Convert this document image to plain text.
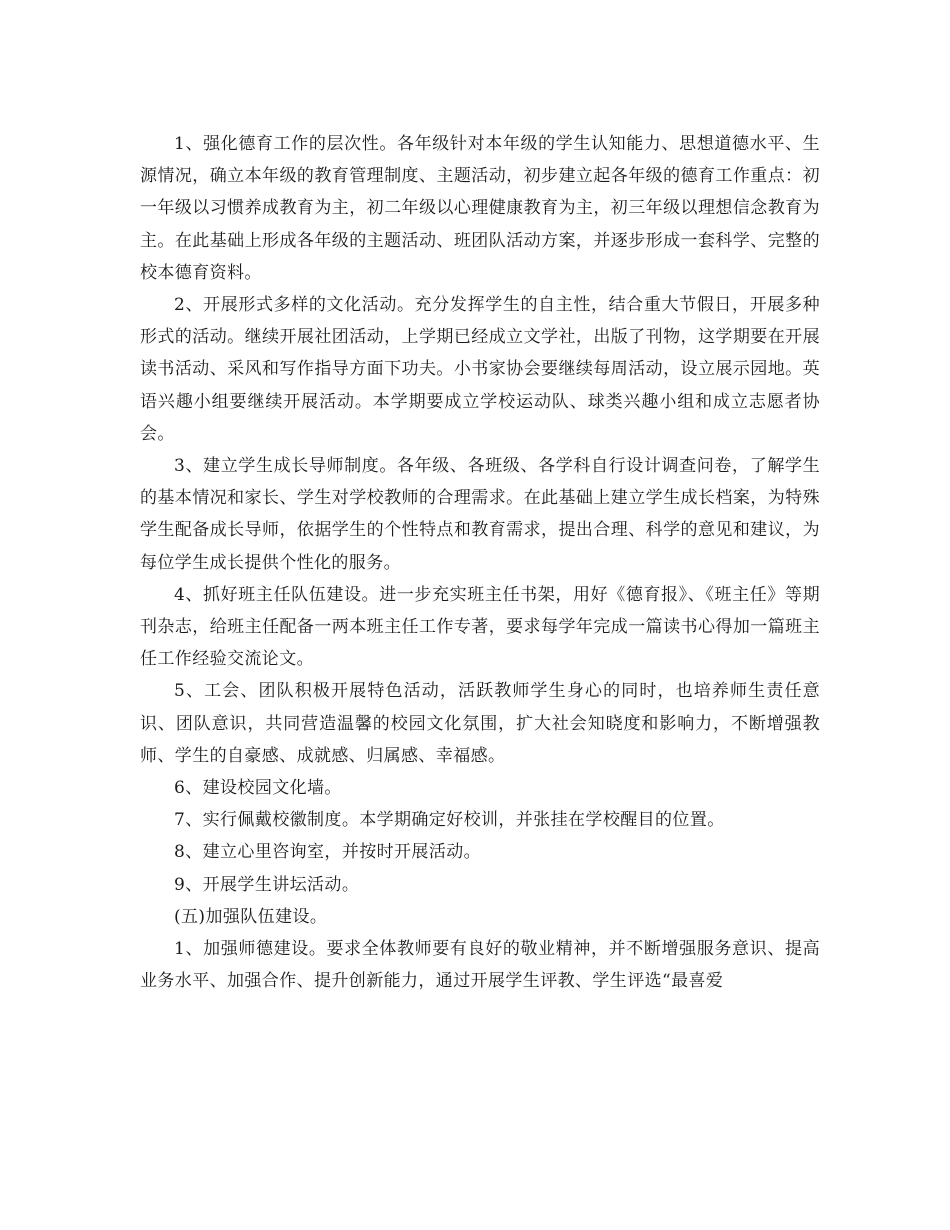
1、强化德育工作的层次性。各年级针对本年级的学生认知能力、思想道德水平、生源情况，确立本年级的教育管理制度、主题活动，初步建立起各年级的德育工作重点：初一年级以习惯养成教育为主，初二年级以心理健康教育为主，初三年级以理想信念教育为主。在此基础上形成各年级的主题活动、班团队活动方案，并逐步形成一套科学、完整的校本德育资料。

2、开展形式多样的文化活动。充分发挥学生的自主性，结合重大节假日，开展多种形式的活动。继续开展社团活动，上学期已经成立文学社，出版了刊物，这学期要在开展读书活动、采风和写作指导方面下功夫。小书家协会要继续每周活动，设立展示园地。英语兴趣小组要继续开展活动。本学期要成立学校运动队、球类兴趣小组和成立志愿者协会。

3、建立学生成长导师制度。各年级、各班级、各学科自行设计调查问卷，了解学生的基本情况和家长、学生对学校教师的合理需求。在此基础上建立学生成长档案，为特殊学生配备成长导师，依据学生的个性特点和教育需求，提出合理、科学的意见和建议，为每位学生成长提供个性化的服务。

4、抓好班主任队伍建设。进一步充实班主任书架，用好《德育报》、《班主任》等期刊杂志，给班主任配备一两本班主任工作专著，要求每学年完成一篇读书心得加一篇班主任工作经验交流论文。

5、工会、团队积极开展特色活动，活跃教师学生身心的同时，也培养师生责任意识、团队意识，共同营造温馨的校园文化氛围，扩大社会知晓度和影响力，不断增强教师、学生的自豪感、成就感、归属感、幸福感。

6、建设校园文化墙。

7、实行佩戴校徽制度。本学期确定好校训，并张挂在学校醒目的位置。

8、建立心里咨询室，并按时开展活动。

9、开展学生讲坛活动。

(五)加强队伍建设。

1、加强师德建设。要求全体教师要有良好的敬业精神，并不断增强服务意识、提高业务水平、加强合作、提升创新能力，通过开展学生评教、学生评选“最喜爱
